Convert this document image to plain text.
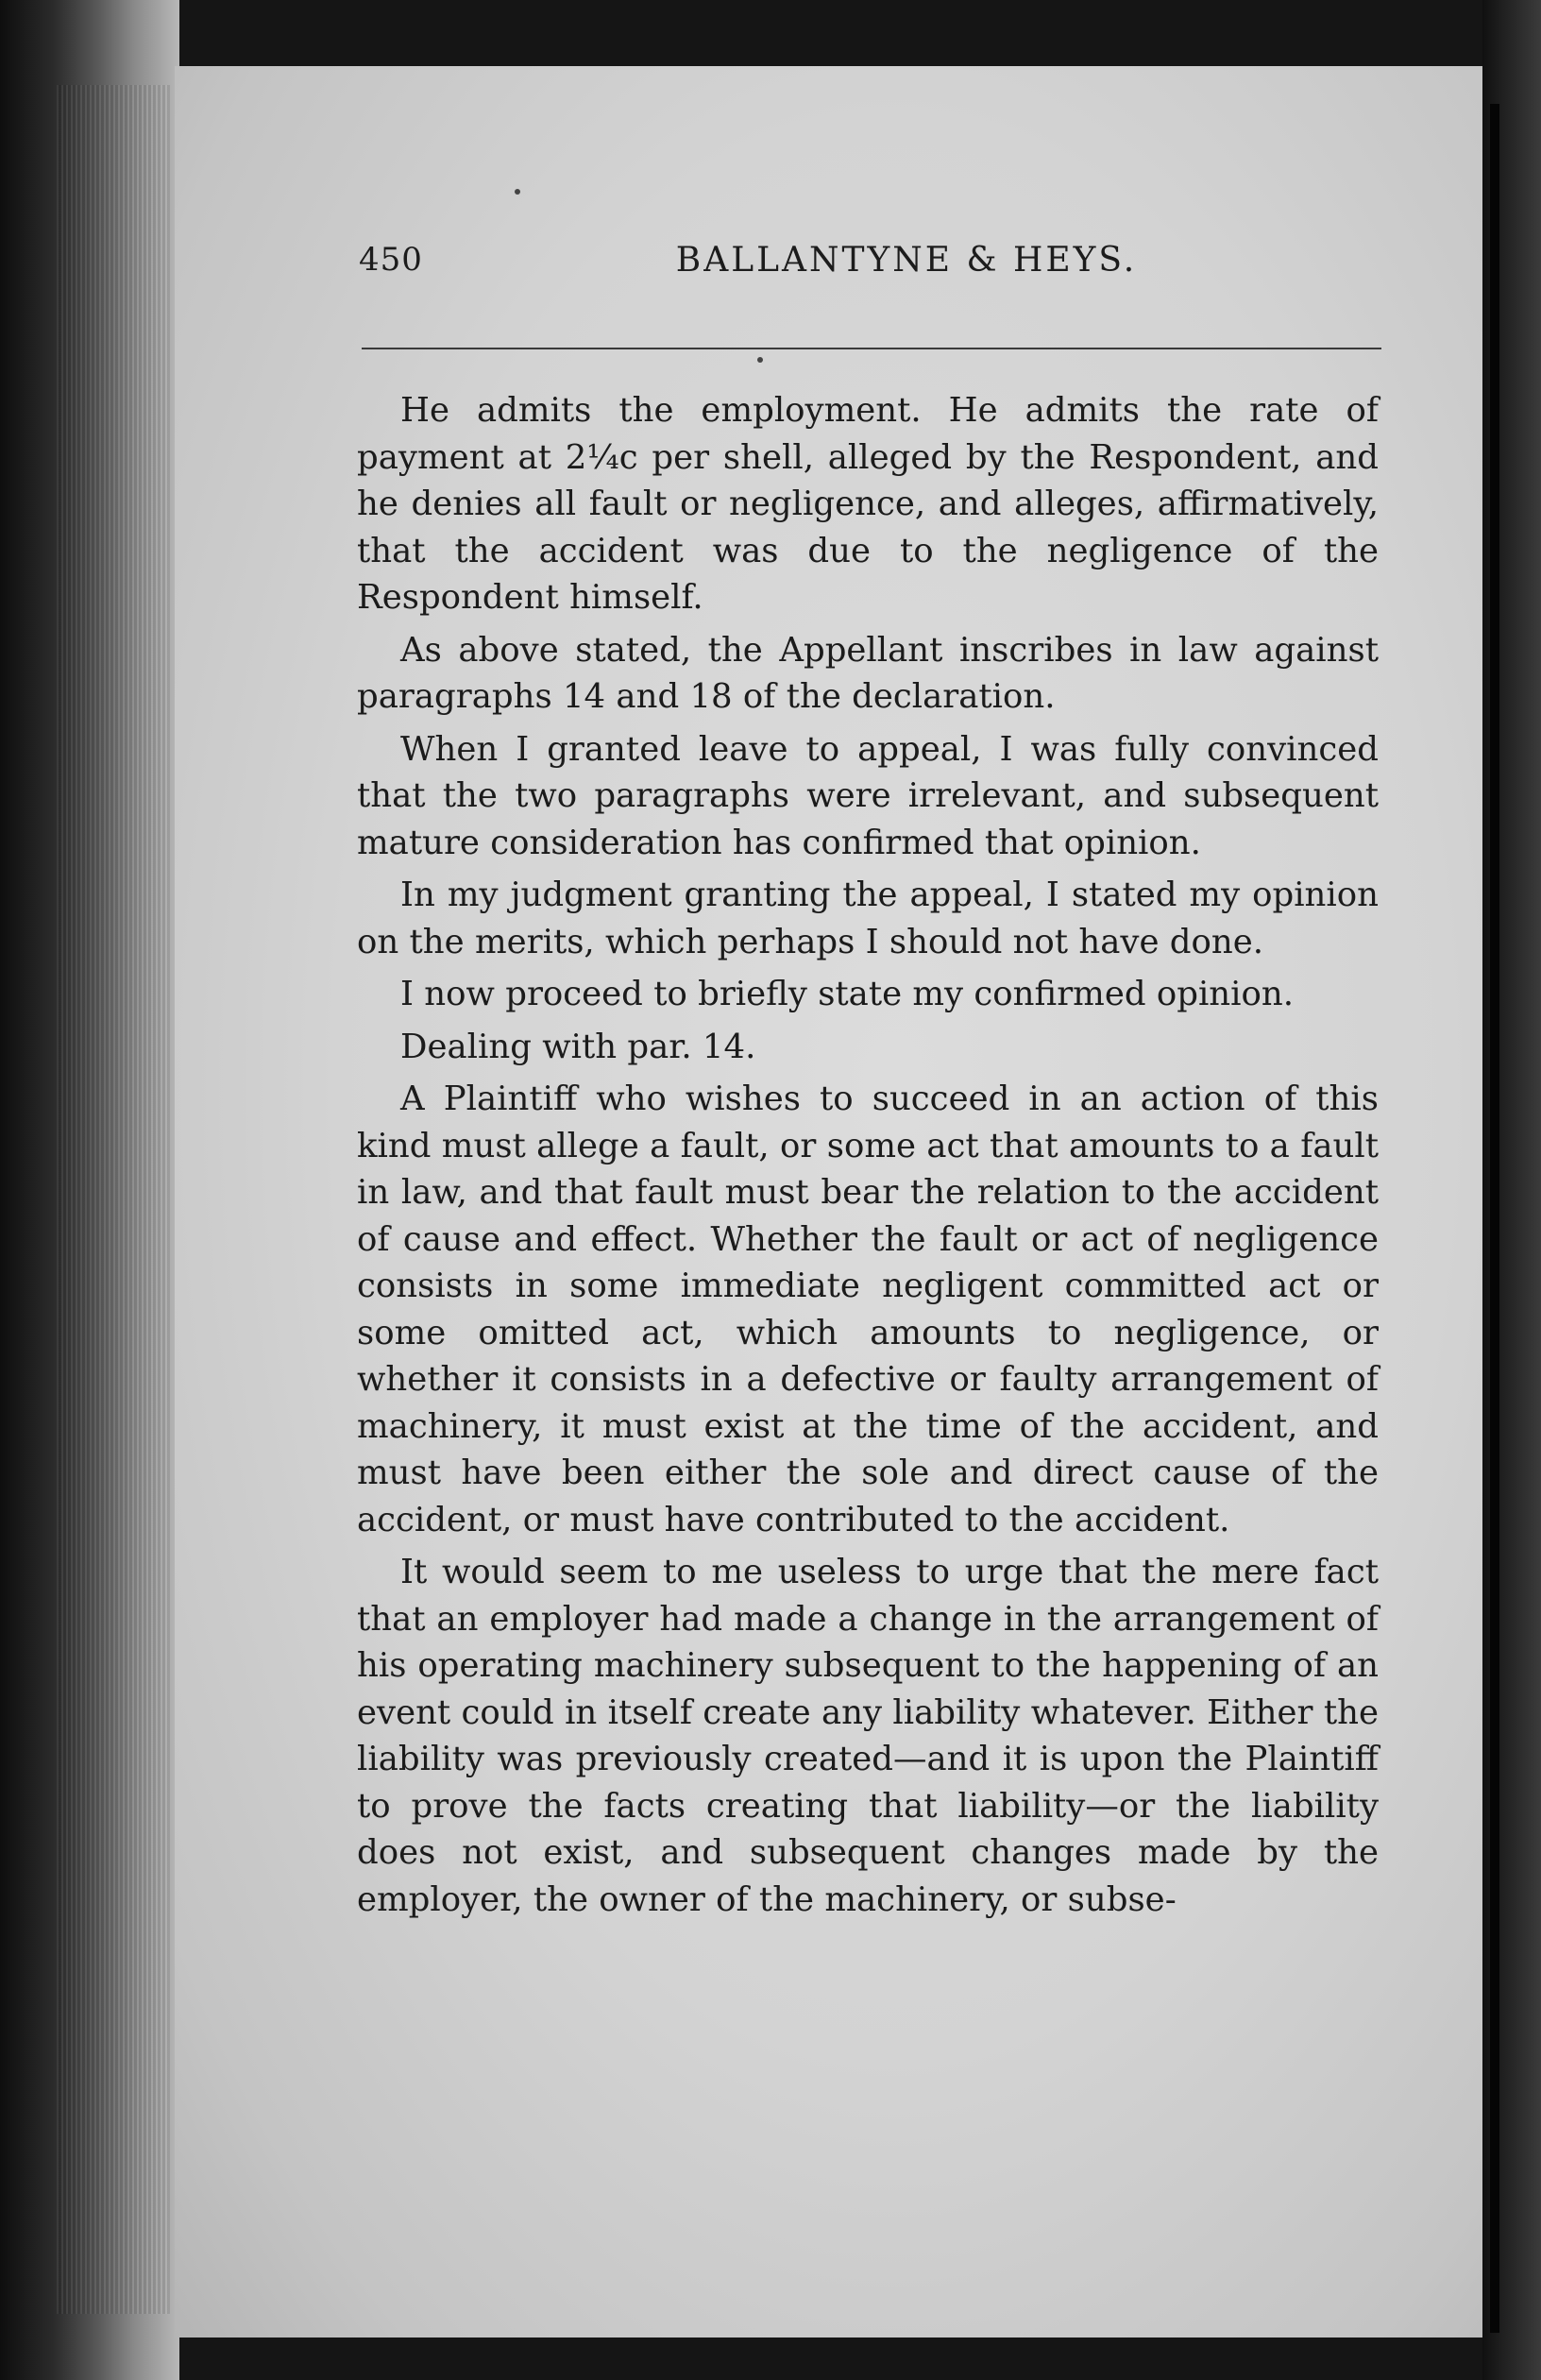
450	BALLANTYNE & HEYS.

He admits the employment. He admits the rate of payment at 2¼c per shell, alleged by the Respondent, and he denies all fault or negligence, and alleges, affirmatively, that the accident was due to the negligence of the Respondent himself.

As above stated, the Appellant inscribes in law against paragraphs 14 and 18 of the declaration.

When I granted leave to appeal, I was fully convinced that the two paragraphs were irrelevant, and subsequent mature consideration has confirmed that opinion.

In my judgment granting the appeal, I stated my opinion on the merits, which perhaps I should not have done.

I now proceed to briefly state my confirmed opinion.

Dealing with par. 14.

A Plaintiff who wishes to succeed in an action of this kind must allege a fault, or some act that amounts to a fault in law, and that fault must bear the relation to the accident of cause and effect. Whether the fault or act of negligence consists in some immediate negligent committed act or some omitted act, which amounts to negligence, or whether it consists in a defective or faulty arrangement of machinery, it must exist at the time of the accident, and must have been either the sole and direct cause of the accident, or must have contributed to the accident.

It would seem to me useless to urge that the mere fact that an employer had made a change in the arrangement of his operating machinery subsequent to the happening of an event could in itself create any liability whatever. Either the liability was previously created—and it is upon the Plaintiff to prove the facts creating that liability—or the liability does not exist, and subsequent changes made by the employer, the owner of the machinery, or subse-
